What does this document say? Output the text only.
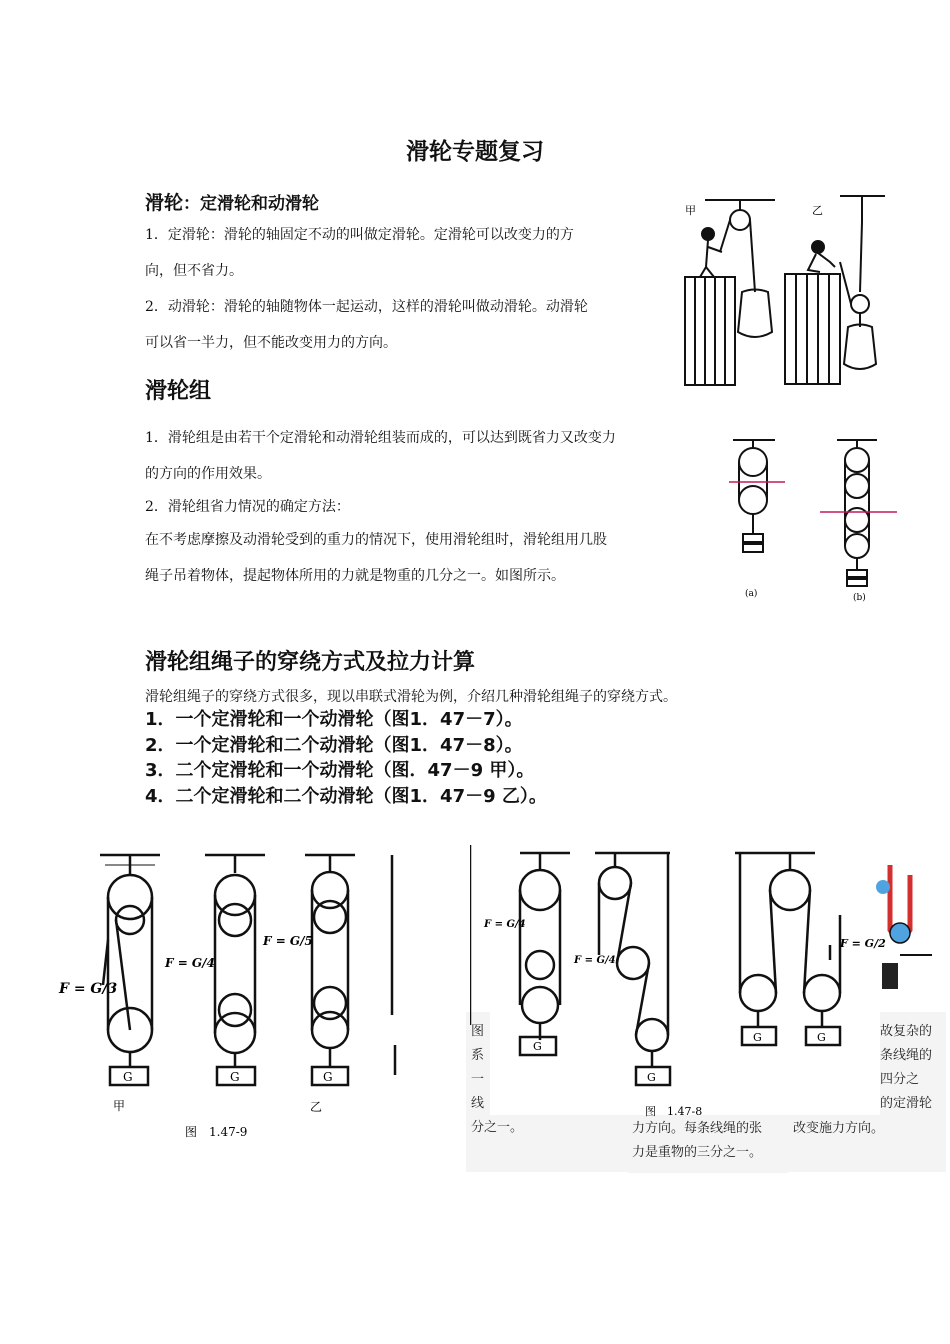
滑轮专题复习
滑轮：定滑轮和动滑轮
1．定滑轮：滑轮的轴固定不动的叫做定滑轮。定滑轮可以改变力的方
向，但不省力。
2．动滑轮：滑轮的轴随物体一起运动，这样的滑轮叫做动滑轮。动滑轮
可以省一半力，但不能改变用力的方向。
甲	乙
滑轮组
1．滑轮组是由若干个定滑轮和动滑轮组装而成的，可以达到既省力又改变力
的方向的作用效果。
2．滑轮组省力情况的确定方法：
在不考虑摩擦及动滑轮受到的重力的情况下，使用滑轮组时，滑轮组用几股
绳子吊着物体，提起物体所用的力就是物重的几分之一。如图所示。
(a)	(b)
滑轮组绳子的穿绕方式及拉力计算
滑轮组绳子的穿绕方式很多，现以串联式滑轮为例，介绍几种滑轮组绳子的穿绕方式。
1．一个定滑轮和一个动滑轮（图1．47－7）。
2．一个定滑轮和二个动滑轮（图1．47－8）。
3．二个定滑轮和一个动滑轮（图．47－9 甲）。
4．二个定滑轮和二个动滑轮（图1．47－9 乙）。
F = G/3
F = G/4
F = G/5
G	G	G
甲	乙
图　1.47-9
图
系
一
线
分之一。
故复杂的
条线绳的
四分之
的定滑轮
改变施力方向。
力方向。每条线绳的张
力是重物的三分之一。
F = G/4
F = G/4
F = G/2
G
G
G	G
图　1.47-8
